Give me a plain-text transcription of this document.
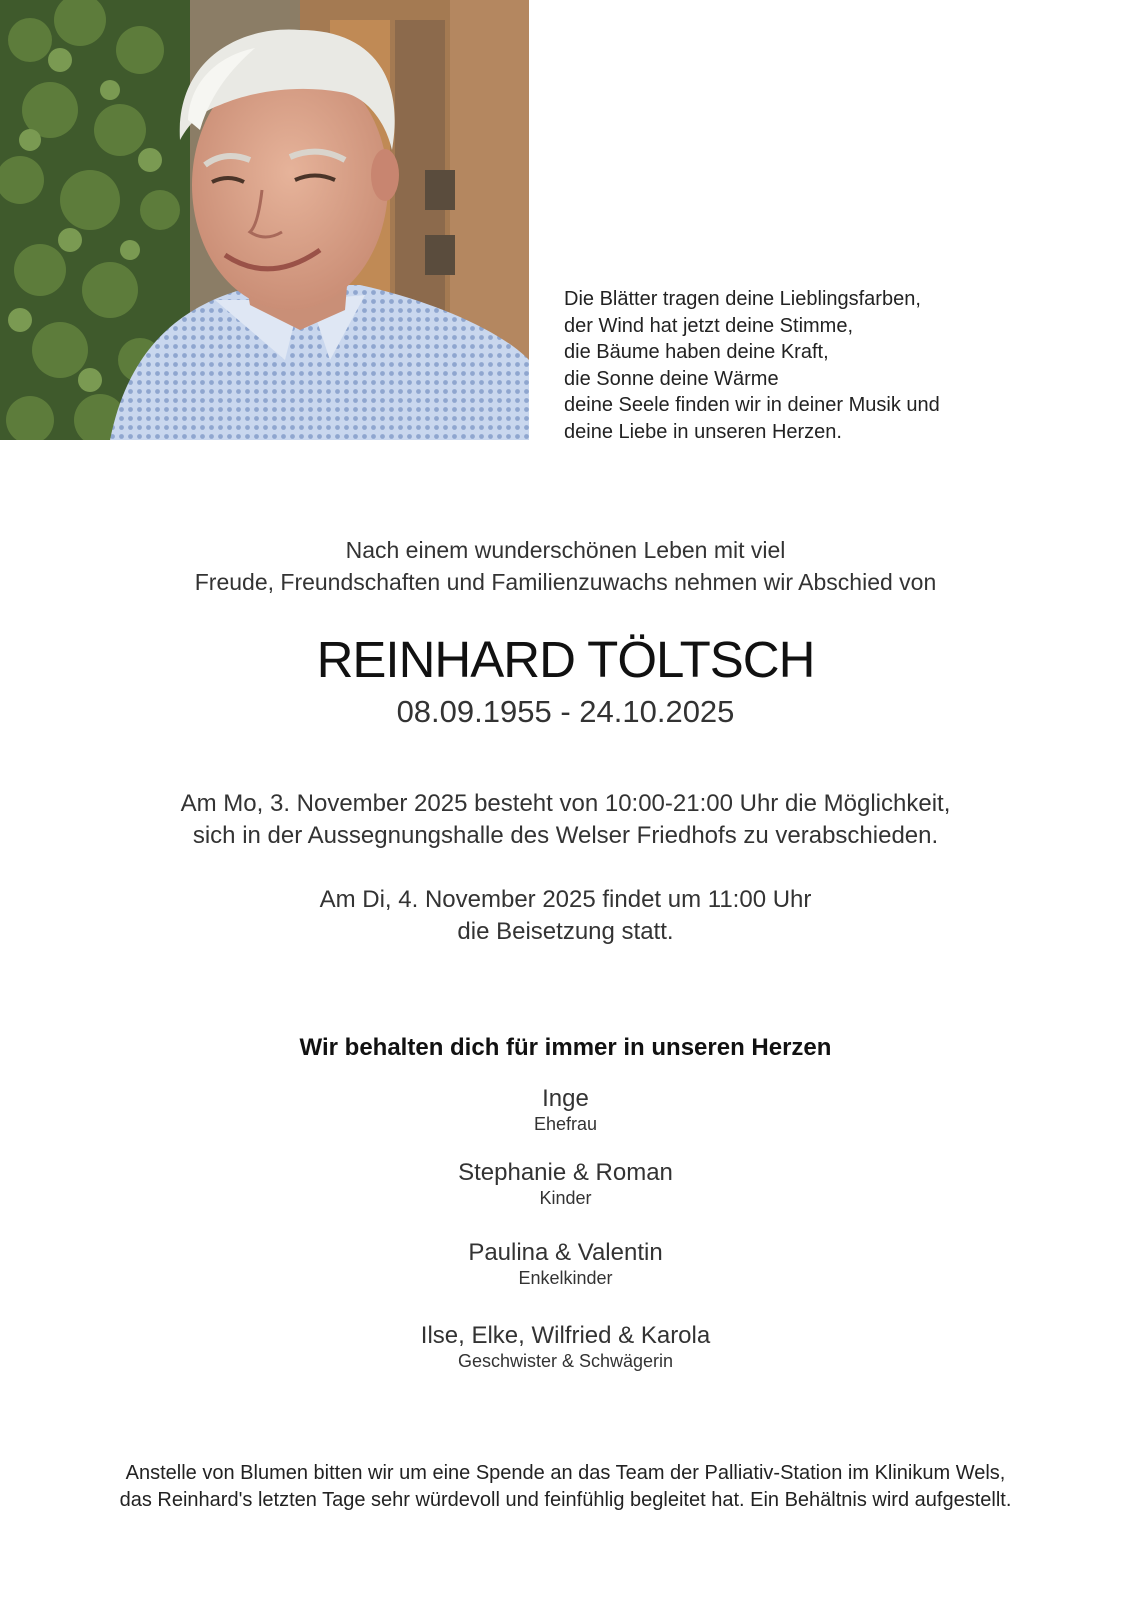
Die Blätter tragen deine Lieblingsfarben,
der Wind hat jetzt deine Stimme,
die Bäume haben deine Kraft,
die Sonne deine Wärme
deine Seele finden wir in deiner Musik und
deine Liebe in unseren Herzen.
Nach einem wunderschönen Leben mit viel
Freude, Freundschaften und Familienzuwachs nehmen wir Abschied von
REINHARD TÖLTSCH
08.09.1955 - 24.10.2025
Am Mo, 3. November 2025 besteht von 10:00-21:00 Uhr die Möglichkeit,
sich in der Aussegnungshalle des Welser Friedhofs zu verabschieden.
Am Di, 4. November 2025 findet um 11:00 Uhr
die Beisetzung statt.
Wir behalten dich für immer in unseren Herzen
Inge
Ehefrau
Stephanie & Roman
Kinder
Paulina & Valentin
Enkelkinder
Ilse, Elke, Wilfried & Karola
Geschwister & Schwägerin
Anstelle von Blumen bitten wir um eine Spende an das Team der Palliativ-Station im Klinikum Wels,
das Reinhard's letzten Tage sehr würdevoll und feinfühlig begleitet hat. Ein Behältnis wird aufgestellt.
